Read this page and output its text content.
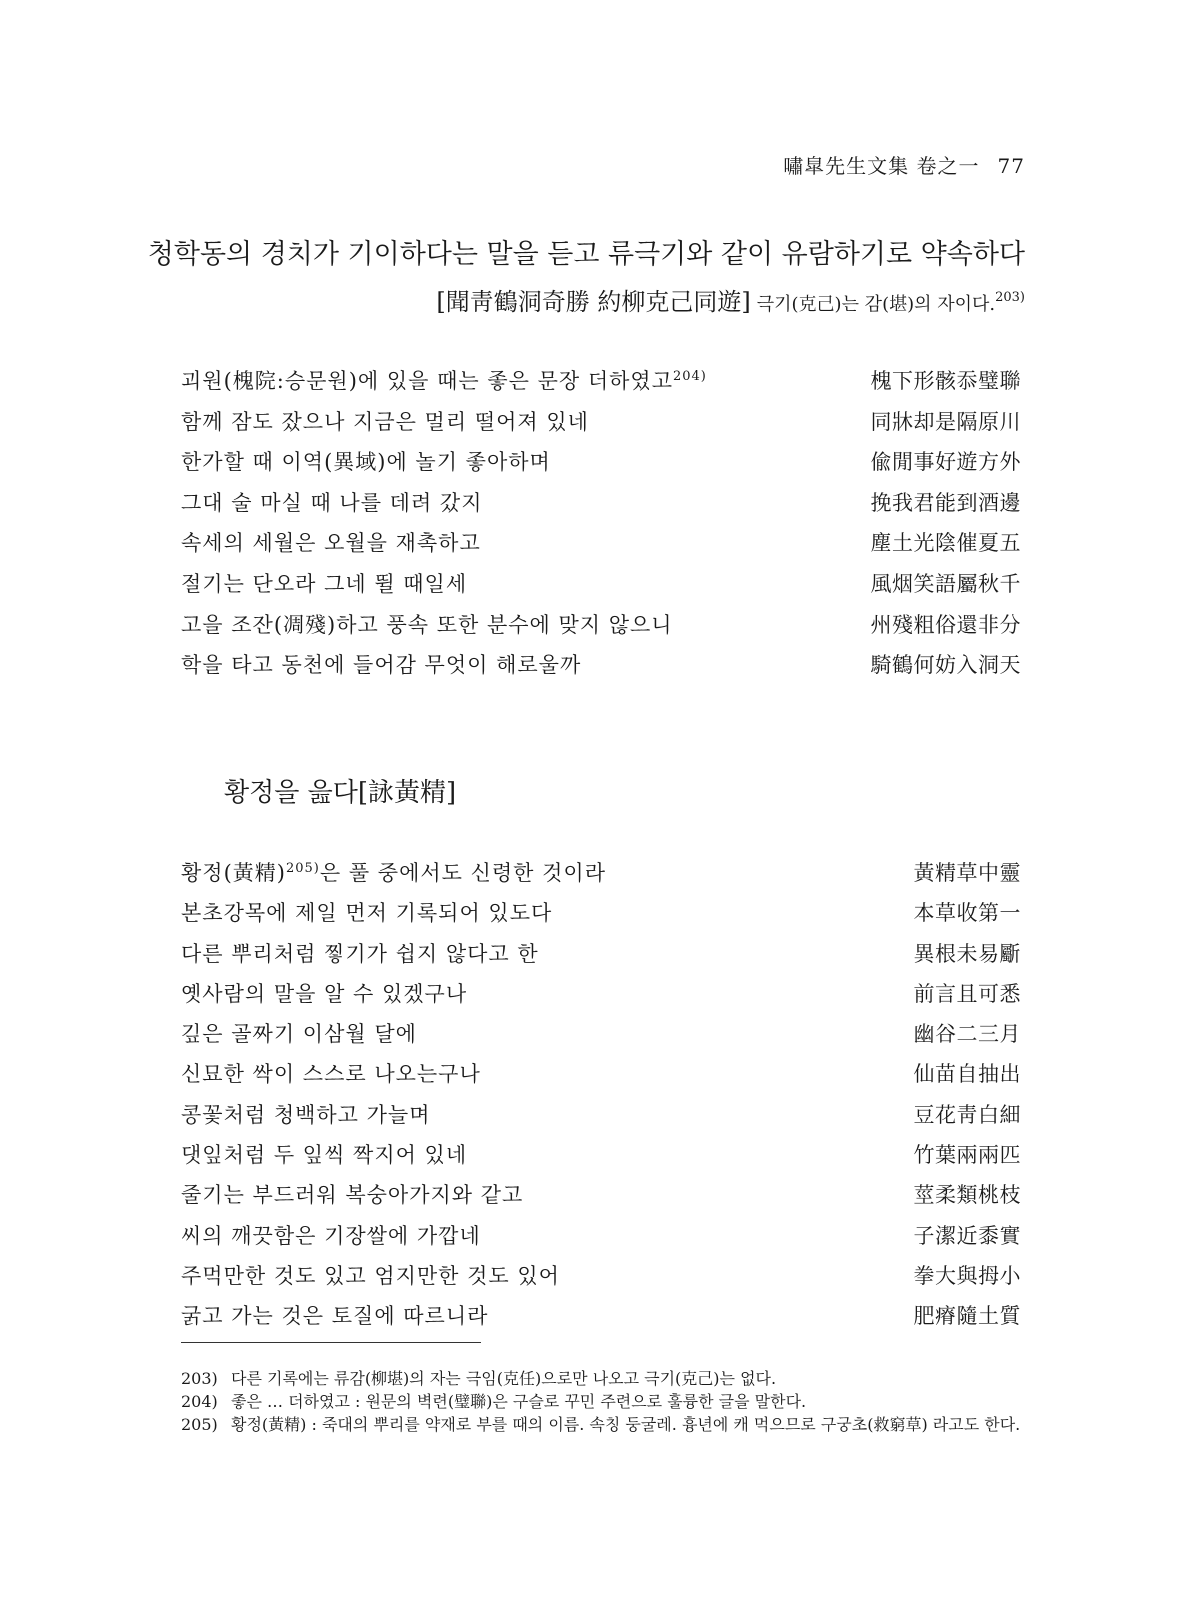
嘯皐先生文集 卷之一 77
청학동의 경치가 기이하다는 말을 듣고 류극기와 같이 유람하기로 약속하다
[聞靑鶴洞奇勝 約柳克己同遊] 극기(克己)는 감(堪)의 자이다.$^{203)}$
괴원(槐院:승문원)에 있을 때는 좋은 문장 더하였고$^{204)}$	槐下形骸忝璧聯
함께 잠도 잤으나 지금은 멀리 떨어져 있네	同牀却是隔原川
한가할 때 이역(異域)에 놀기 좋아하며	偸閒事好遊方外
그대 술 마실 때 나를 데려 갔지	挽我君能到酒邊
속세의 세월은 오월을 재촉하고	塵土光陰催夏五
절기는 단오라 그네 뛸 때일세	風烟笑語屬秋千
고을 조잔(凋殘)하고 풍속 또한 분수에 맞지 않으니	州殘粗俗還非分
학을 타고 동천에 들어감 무엇이 해로울까	騎鶴何妨入洞天
황정을 읊다[詠黃精]
황정(黃精)$^{205)}$은 풀 중에서도 신령한 것이라	黃精草中靈
본초강목에 제일 먼저 기록되어 있도다	本草收第一
다른 뿌리처럼 찧기가 쉽지 않다고 한	異根未易斸
옛사람의 말을 알 수 있겠구나	前言且可悉
깊은 골짜기 이삼월 달에	幽谷二三月
신묘한 싹이 스스로 나오는구나	仙苗自抽出
콩꽃처럼 청백하고 가늘며	豆花靑白細
댓잎처럼 두 잎씩 짝지어 있네	竹葉兩兩匹
줄기는 부드러워 복숭아가지와 같고	莖柔類桃枝
씨의 깨끗함은 기장쌀에 가깝네	子潔近黍實
주먹만한 것도 있고 엄지만한 것도 있어	拳大與拇小
굵고 가는 것은 토질에 따르니라	肥瘠隨土質
203) 다른 기록에는 류감(柳堪)의 자는 극임(克任)으로만 나오고 극기(克己)는 없다.
204) 좋은 … 더하였고 : 원문의 벽련(璧聯)은 구슬로 꾸민 주련으로 훌륭한 글을 말한다.
205) 황정(黃精) : 죽대의 뿌리를 약재로 부를 때의 이름. 속칭 둥굴레. 흉년에 캐 먹으므로 구궁초(救窮草) 라고도 한다.
